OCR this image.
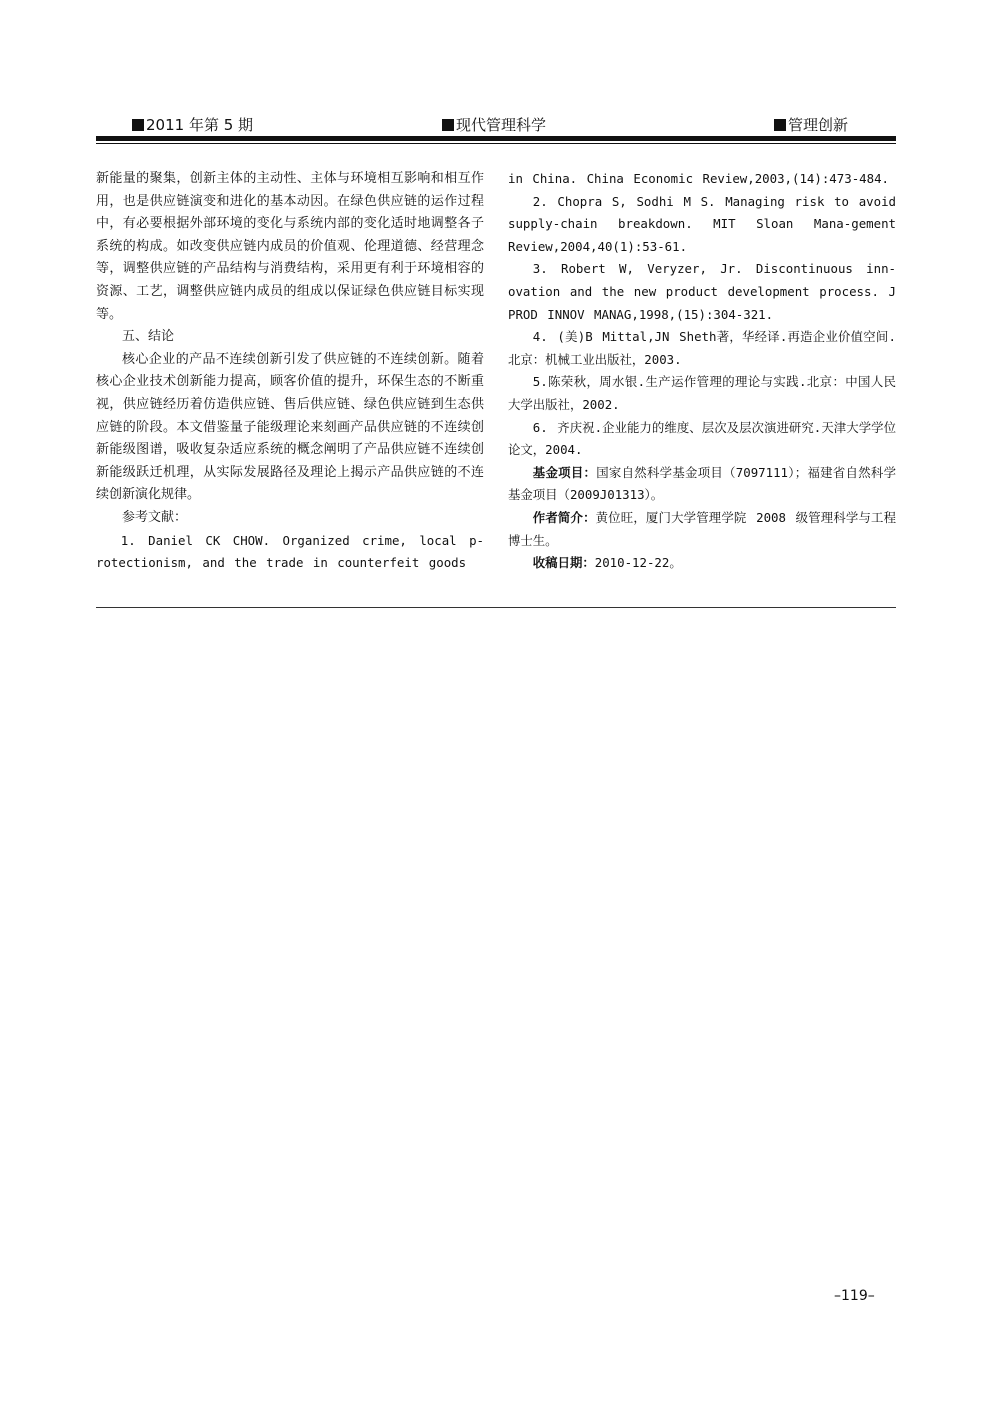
2011 年第 5 期	现代管理科学	管理创新
新能量的聚集，创新主体的主动性、主体与环境相互影响和相互作用，也是供应链演变和进化的基本动因。在绿色供应链的运作过程中，有必要根据外部环境的变化与系统内部的变化适时地调整各子系统的构成。如改变供应链内成员的价值观、伦理道德、经营理念等，调整供应链的产品结构与消费结构，采用更有利于环境相容的资源、工艺，调整供应链内成员的组成以保证绿色供应链目标实现等。
五、结论
核心企业的产品不连续创新引发了供应链的不连续创新。随着核心企业技术创新能力提高，顾客价值的提升，环保生态的不断重视，供应链经历着仿造供应链、售后供应链、绿色供应链到生态供应链的阶段。本文借鉴量子能级理论来刻画产品供应链的不连续创新能级图谱，吸收复杂适应系统的概念阐明了产品供应链不连续创新能级跃迁机理，从实际发展路径及理论上揭示产品供应链的不连续创新演化规律。
参考文献：
1. Daniel CK CHOW. Organized crime, local p-rotectionism, and the trade in counterfeit goods
in China. China Economic Review,2003,(14):473-484.
2. Chopra S, Sodhi M S. Managing risk to avoid supply-chain breakdown. MIT Sloan Mana-gement Review,2004,40(1):53-61.
3. Robert W, Veryzer, Jr. Discontinuous inn-ovation and the new product development process. J PROD INNOV MANAG,1998,(15):304-321.
4. (美)B Mittal,JN Sheth著，华经译.再造企业价值空间.北京：机械工业出版社，2003.
5.陈荣秋，周水银.生产运作管理的理论与实践.北京：中国人民大学出版社，2002.
6. 齐庆祝.企业能力的维度、层次及层次演进研究.天津大学学位论文，2004.
基金项目：国家自然科学基金项目（7097111）；福建省自然科学基金项目（2009J01313）。
作者简介：黄位旺，厦门大学管理学院 2008 级管理科学与工程博士生。
收稿日期：2010-12-22。
–119–
